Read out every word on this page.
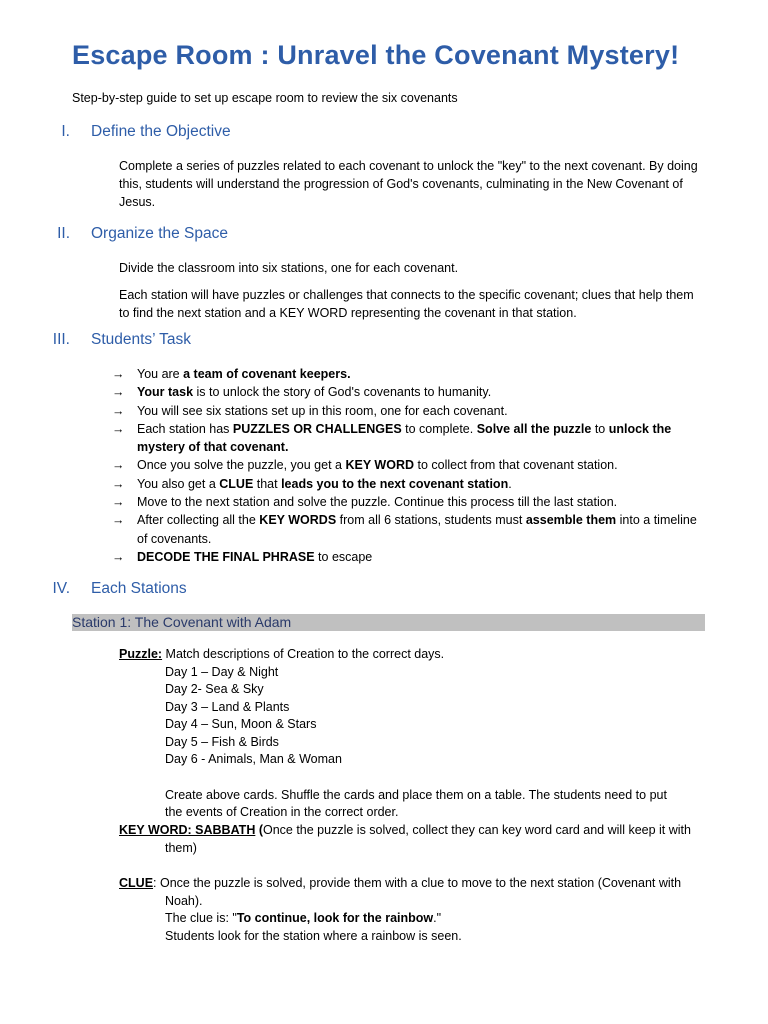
Escape Room : Unravel the Covenant Mystery!
Step-by-step guide to set up escape room to review the six covenants
I. Define the Objective

Complete a series of puzzles related to each covenant to unlock the "key" to the next covenant. By doing this, students will understand the progression of God's covenants, culminating in the New Covenant of Jesus.

II. Organize the Space

Divide the classroom into six stations, one for each covenant.

Each station will have puzzles or challenges that connects to the specific covenant; clues that help them to find the next station and a KEY WORD representing the covenant in that station.

III. Students’ Task
→ You are a team of covenant keepers.
→ Your task is to unlock the story of God's covenants to humanity.
→ You will see six stations set up in this room, one for each covenant.
→ Each station has PUZZLES OR CHALLENGES to complete. Solve all the puzzle to unlock the mystery of that covenant.
→ Once you solve the puzzle, you get a KEY WORD to collect from that covenant station.
→ You also get a CLUE that leads you to the next covenant station.
→ Move to the next station and solve the puzzle. Continue this process till the last station.
→ After collecting all the KEY WORDS from all 6 stations, students must assemble them into a timeline of covenants.
→ DECODE THE FINAL PHRASE to escape
IV. Each Stations
Station 1: The Covenant with Adam
Puzzle: Match descriptions of Creation to the correct days.
Day 1 – Day & Night
Day 2- Sea & Sky
Day 3 – Land & Plants
Day 4 – Sun, Moon & Stars
Day 5 – Fish & Birds
Day 6 - Animals, Man & Woman
Create above cards. Shuffle the cards and place them on a table. The students need to put
the events of Creation in the correct order.
KEY WORD: SABBATH (Once the puzzle is solved, collect they can key word card and will keep it with
them)
CLUE: Once the puzzle is solved, provide them with a clue to move to the next station (Covenant with
Noah).
The clue is: "To continue, look for the rainbow."
Students look for the station where a rainbow is seen.
